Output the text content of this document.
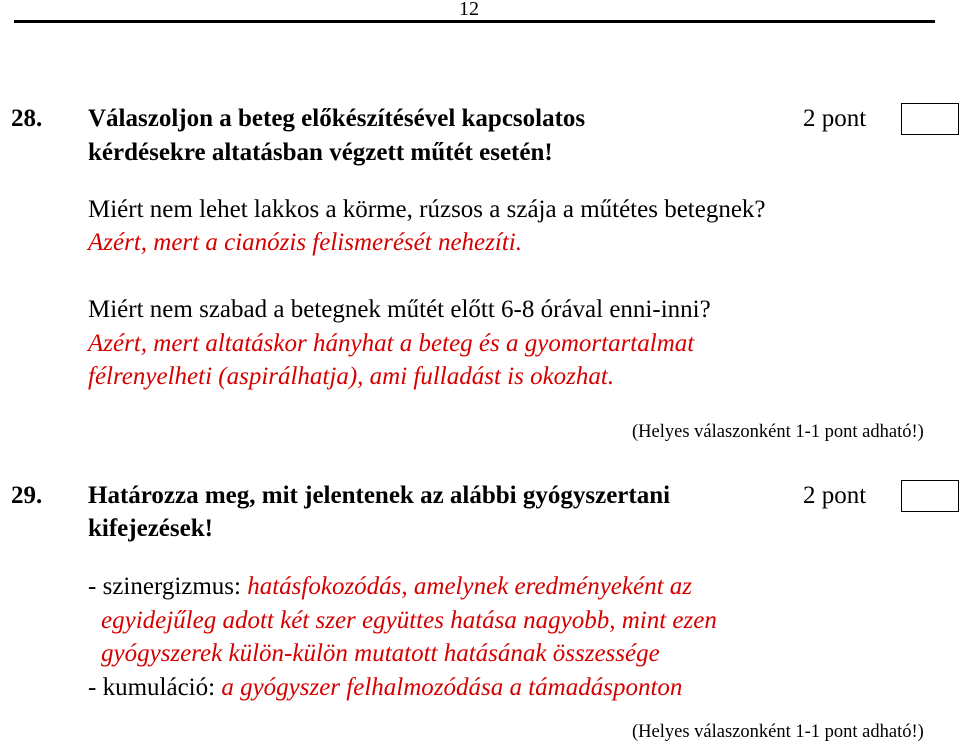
12
28. Válaszoljon a beteg előkészítésével kapcsolatos
kérdésekre altatásban végzett műtét esetén!
2 pont
Miért nem lehet lakkos a körme, rúzsos a szája a műtétes betegnek?
Azért, mert a cianózis felismerését nehezíti.
Miért nem szabad a betegnek műtét előtt 6-8 órával enni-inni?
Azért, mert altatáskor hányhat a beteg és a gyomortartalmat
félrenyelheti (aspirálhatja), ami fulladást is okozhat.
(Helyes válaszonként 1-1 pont adható!)
29. Határozza meg, mit jelentenek az alábbi gyógyszertani
kifejezések!
2 pont
- szinergizmus: hatásfokozódás, amelynek eredményeként az
egyidejűleg adott két szer együttes hatása nagyobb, mint ezen
gyógyszerek külön-külön mutatott hatásának összessége
- kumuláció: a gyógyszer felhalmozódása a támadásponton
(Helyes válaszonként 1-1 pont adható!)
